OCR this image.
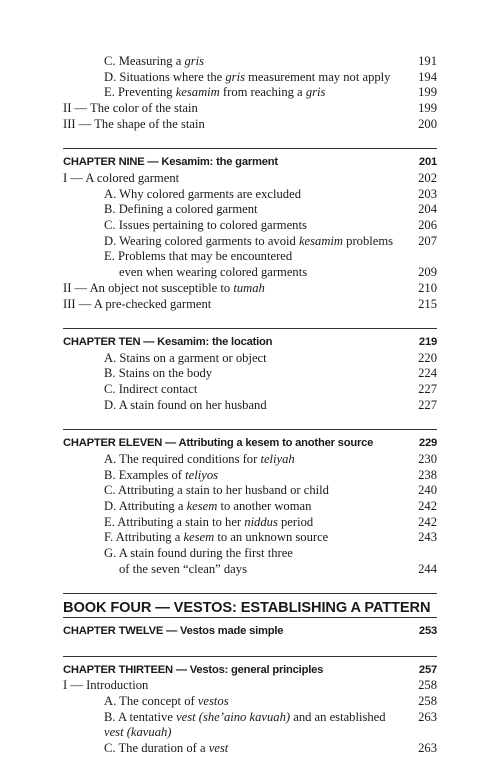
C. Measuring a gris	191
D. Situations where the gris measurement may not apply	194
E. Preventing kesamim from reaching a gris	199
II — The color of the stain	199
III — The shape of the stain	200
CHAPTER NINE — Kesamim: the garment	201
I — A colored garment	202
A. Why colored garments are excluded	203
B. Defining a colored garment	204
C. Issues pertaining to colored garments	206
D. Wearing colored garments to avoid kesamim problems	207
E. Problems that may be encountered
even when wearing colored garments	209
II — An object not susceptible to tumah	210
III — A pre-checked garment	215
CHAPTER TEN — Kesamim: the location	219
A. Stains on a garment or object	220
B. Stains on the body	224
C. Indirect contact	227
D. A stain found on her husband	227
CHAPTER ELEVEN — Attributing a kesem to another source	229
A. The required conditions for teliyah	230
B. Examples of teliyos	238
C. Attributing a stain to her husband or child	240
D. Attributing a kesem to another woman	242
E. Attributing a stain to her niddus period	242
F. Attributing a kesem to an unknown source	243
G. A stain found during the first three
of the seven “clean” days	244
BOOK FOUR — VESTOS: ESTABLISHING A PATTERN
CHAPTER TWELVE — Vestos made simple	253
CHAPTER THIRTEEN — Vestos: general principles	257
I — Introduction	258
A. The concept of vestos	258
B. A tentative vest (she’aino kavuah) and an established vest (kavuah)
263
C. The duration of a vest	263
